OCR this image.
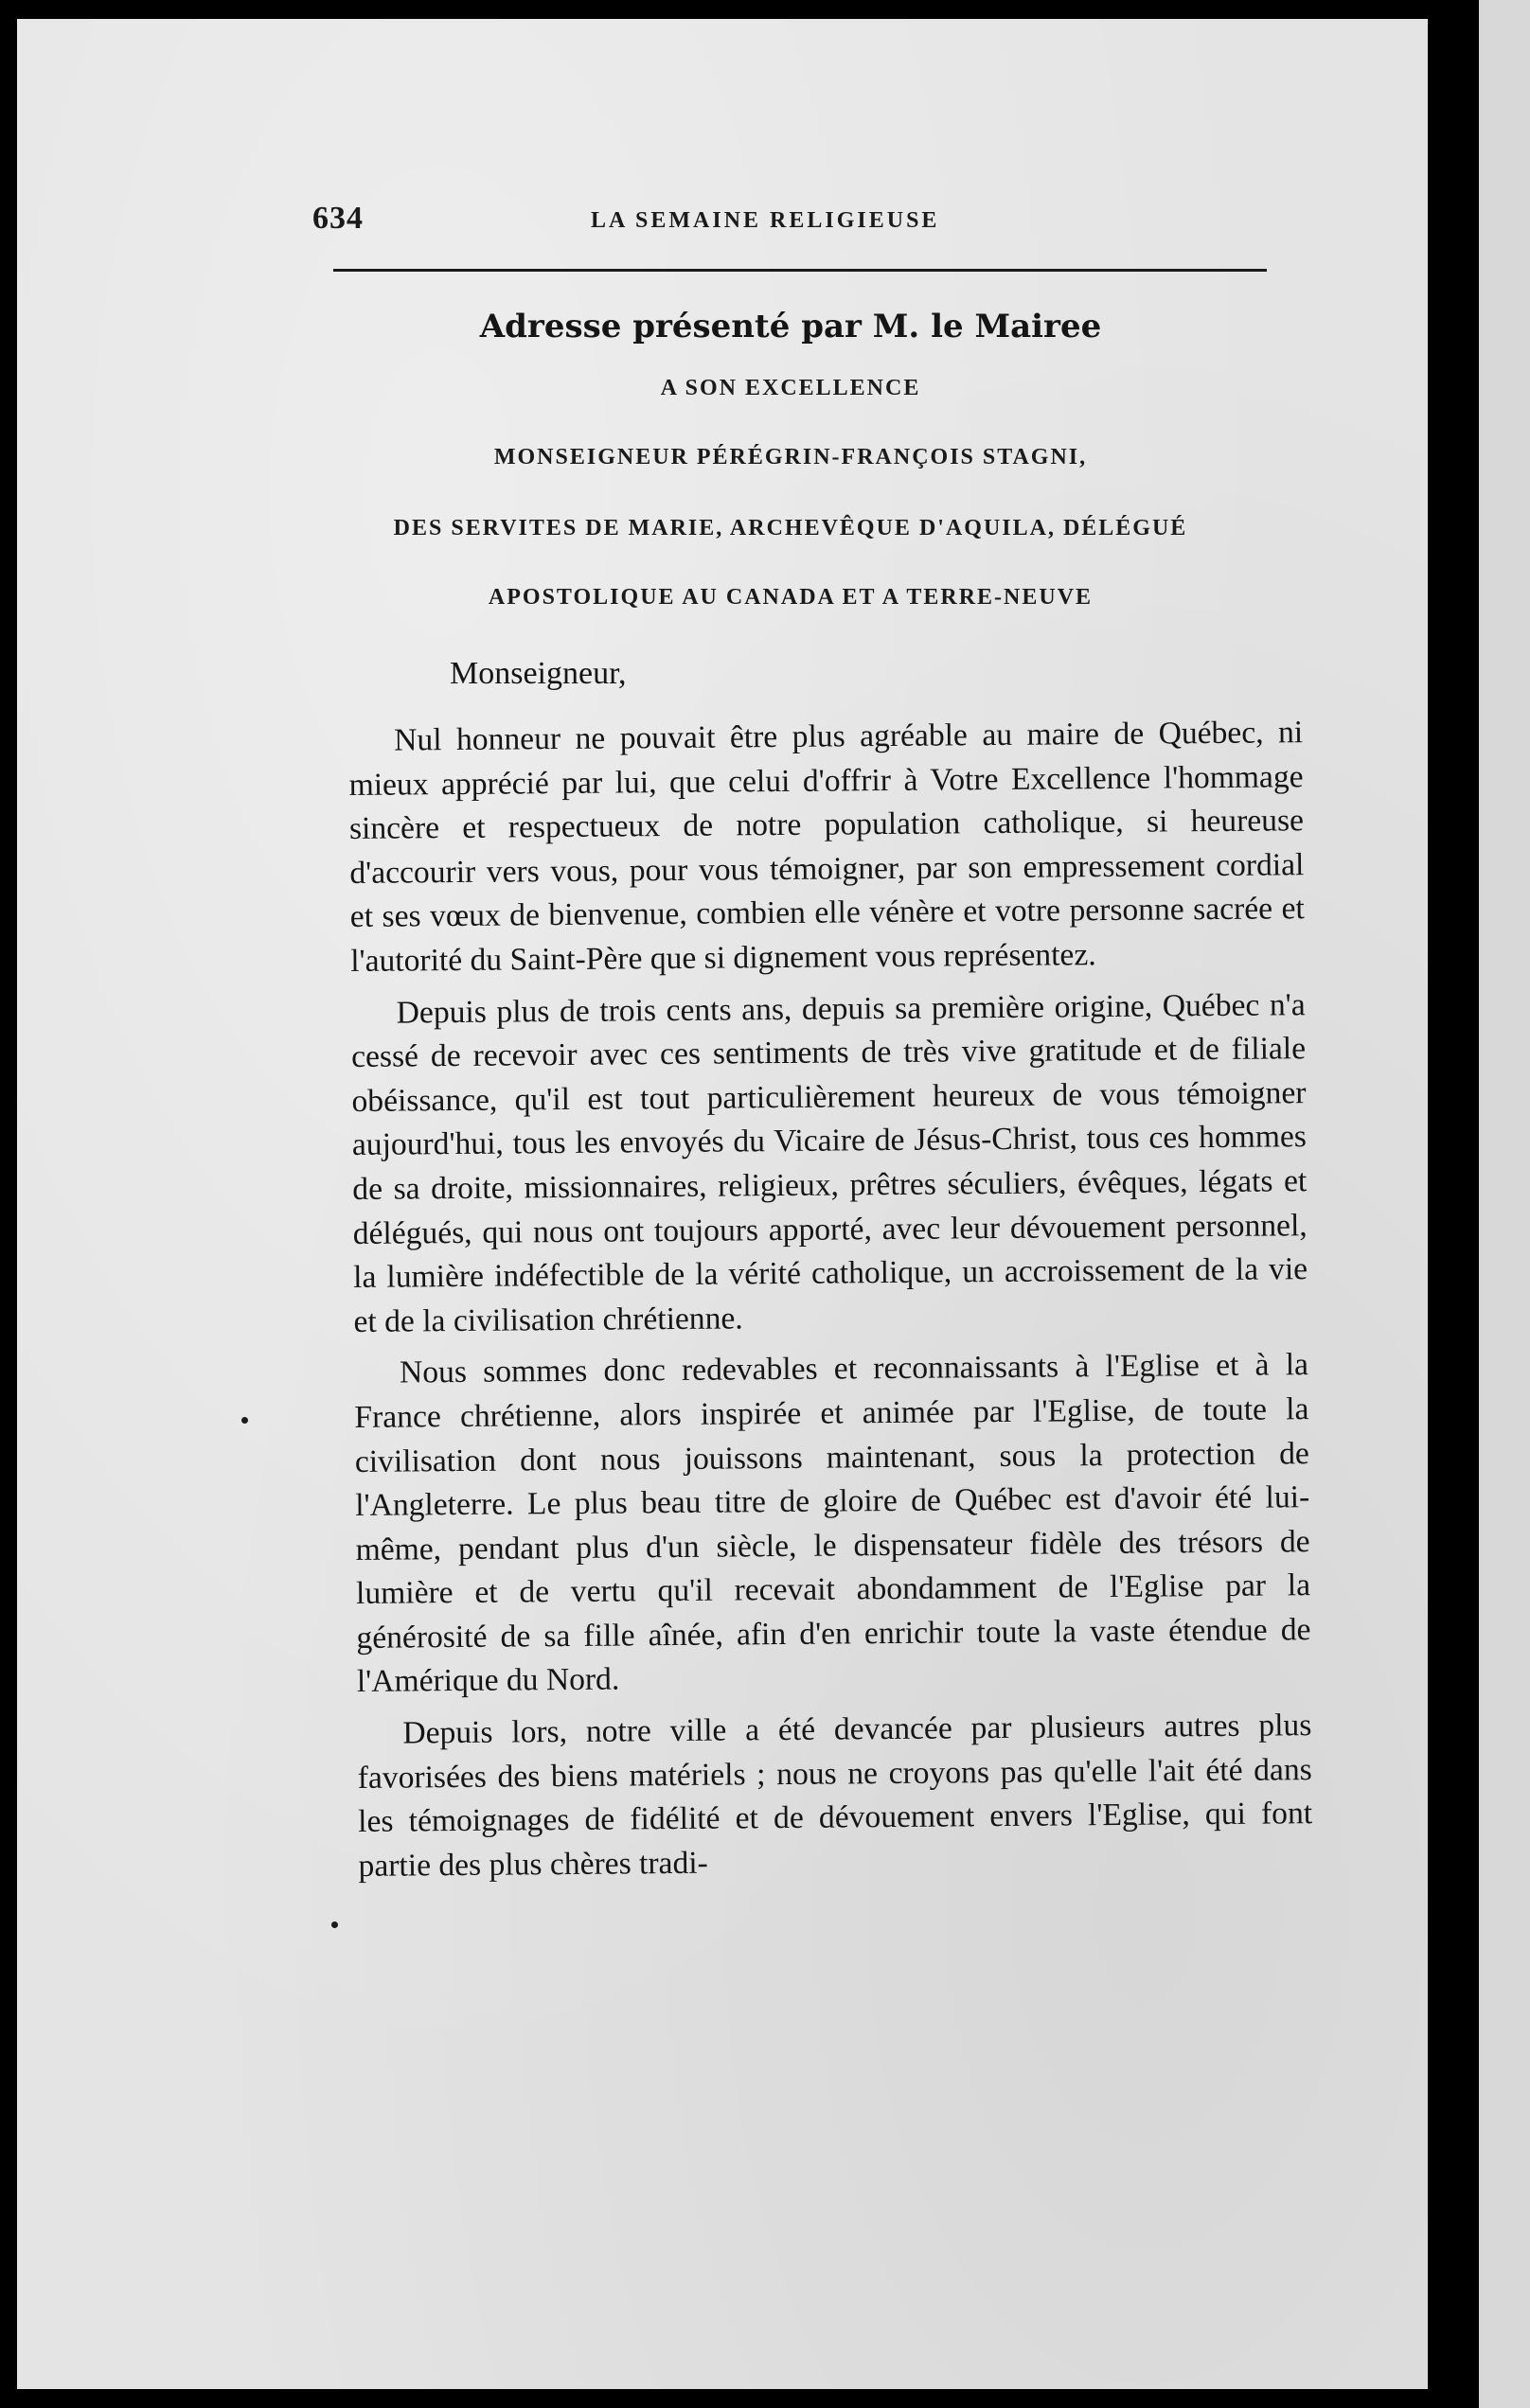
634	LA SEMAINE RELIGIEUSE
Adresse présenté par M. le Mairee
A SON EXCELLENCE
MONSEIGNEUR PÉRÉGRIN-FRANÇOIS STAGNI,
DES SERVITES DE MARIE, ARCHEVÊQUE D'AQUILA, DÉLÉGUÉ
APOSTOLIQUE AU CANADA ET A TERRE-NEUVE
Monseigneur,

Nul honneur ne pouvait être plus agréable au maire de Québec, ni mieux apprécié par lui, que celui d'offrir à Votre Excellence l'hommage sincère et respectueux de notre population catholique, si heureuse d'accourir vers vous, pour vous témoigner, par son empressement cordial et ses vœux de bienvenue, combien elle vénère et votre personne sacrée et l'autorité du Saint-Père que si dignement vous représentez.

Depuis plus de trois cents ans, depuis sa première origine, Québec n'a cessé de recevoir avec ces sentiments de très vive gratitude et de filiale obéissance, qu'il est tout particulièrement heureux de vous témoigner aujourd'hui, tous les envoyés du Vicaire de Jésus-Christ, tous ces hommes de sa droite, missionnaires, religieux, prêtres séculiers, évêques, légats et délégués, qui nous ont toujours apporté, avec leur dévouement personnel, la lumière indéfectible de la vérité catholique, un accroissement de la vie et de la civilisation chrétienne.

Nous sommes donc redevables et reconnaissants à l'Eglise et à la France chrétienne, alors inspirée et animée par l'Eglise, de toute la civilisation dont nous jouissons maintenant, sous la protection de l'Angleterre. Le plus beau titre de gloire de Québec est d'avoir été lui-même, pendant plus d'un siècle, le dispensateur fidèle des trésors de lumière et de vertu qu'il recevait abondamment de l'Eglise par la générosité de sa fille aînée, afin d'en enrichir toute la vaste étendue de l'Amérique du Nord.

Depuis lors, notre ville a été devancée par plusieurs autres plus favorisées des biens matériels ; nous ne croyons pas qu'elle l'ait été dans les témoignages de fidélité et de dévouement envers l'Eglise, qui font partie des plus chères tradi-
